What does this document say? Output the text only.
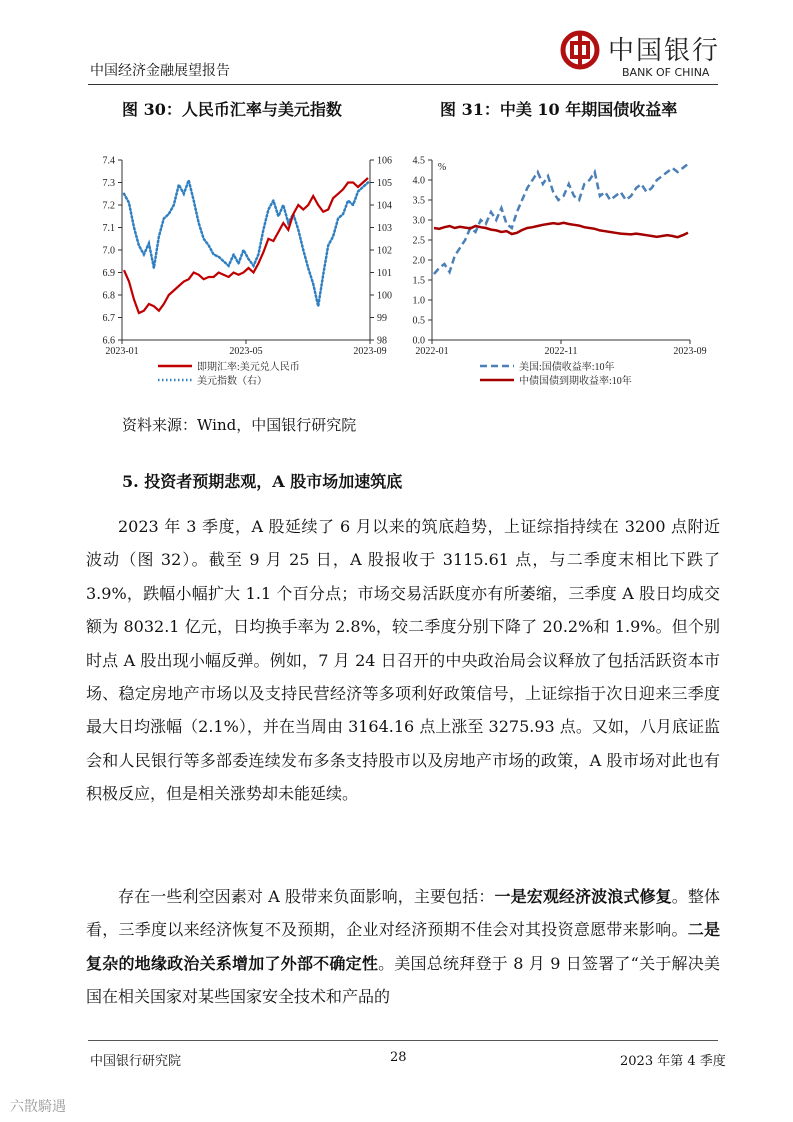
中国经济金融展望报告
中国银行
BANK OF CHINA
图 30：人民币汇率与美元指数	图 31：中美 10 年期国债收益率
6.6
6.7
6.8
6.9
7.0
7.1
7.2
7.3
7.4
98
99
100
101
102
103
104
105
106
2023-01	2023-05	2023-09
即期汇率:美元兑人民币
美元指数（右）
%
0.0
0.5
1.0
1.5
2.0
2.5
3.0
3.5
4.0
4.5
2022-01	2022-11	2023-09
美国:国债收益率:10年
中债国债到期收益率:10年
资料来源：Wind，中国银行研究院
5. 投资者预期悲观，A 股市场加速筑底

2023 年 3 季度，A 股延续了 6 月以来的筑底趋势，上证综指持续在 3200 点附近波动（图 32）。截至 9 月 25 日，A 股报收于 3115.61 点，与二季度末相比下跌了 3.9%，跌幅小幅扩大 1.1 个百分点；市场交易活跃度亦有所萎缩，三季度 A 股日均成交额为 8032.1 亿元，日均换手率为 2.8%，较二季度分别下降了 20.2%和 1.9%。但个别时点 A 股出现小幅反弹。例如，7 月 24 日召开的中央政治局会议释放了包括活跃资本市场、稳定房地产市场以及支持民营经济等多项利好政策信号，上证综指于次日迎来三季度最大日均涨幅（2.1%），并在当周由 3164.16 点上涨至 3275.93 点。又如，八月底证监会和人民银行等多部委连续发布多条支持股市以及房地产市场的政策，A 股市场对此也有积极反应，但是相关涨势却未能延续。

存在一些利空因素对 A 股带来负面影响，主要包括：一是宏观经济波浪式修复。整体看，三季度以来经济恢复不及预期，企业对经济预期不佳会对其投资意愿带来影响。二是复杂的地缘政治关系增加了外部不确定性。美国总统拜登于 8 月 9 日签署了“关于解决美国在相关国家对某些国家安全技术和产品的

中国银行研究院	28	2023 年第 4 季度
六散騎遇
